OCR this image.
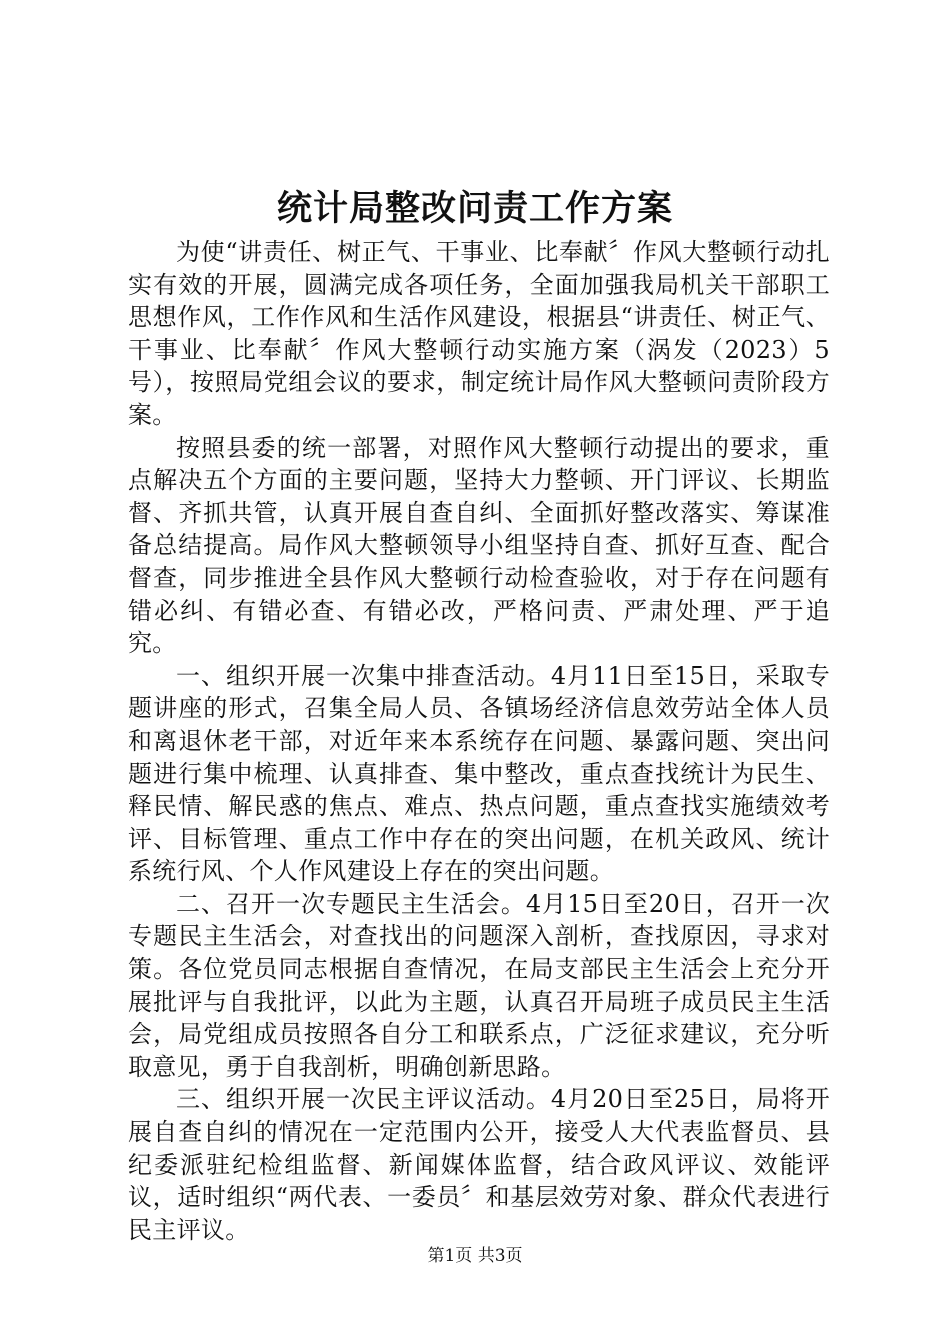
统计局整改问责工作方案

为使“讲责任、树正气、干事业、比奉献〞作风大整顿行动扎实有效的开展，圆满完成各项任务，全面加强我局机关干部职工思想作风，工作作风和生活作风建设，根据县“讲责任、树正气、干事业、比奉献〞作风大整顿行动实施方案（涡发（2023）5号），按照局党组会议的要求，制定统计局作风大整顿问责阶段方案。

按照县委的统一部署，对照作风大整顿行动提出的要求，重点解决五个方面的主要问题，坚持大力整顿、开门评议、长期监督、齐抓共管，认真开展自查自纠、全面抓好整改落实、筹谋准备总结提高。局作风大整顿领导小组坚持自查、抓好互查、配合督查，同步推进全县作风大整顿行动检查验收，对于存在问题有错必纠、有错必查、有错必改，严格问责、严肃处理、严于追究。

一、组织开展一次集中排查活动。4月11日至15日，采取专题讲座的形式，召集全局人员、各镇场经济信息效劳站全体人员和离退休老干部，对近年来本系统存在问题、暴露问题、突出问题进行集中梳理、认真排查、集中整改，重点查找统计为民生、释民情、解民惑的焦点、难点、热点问题，重点查找实施绩效考评、目标管理、重点工作中存在的突出问题，在机关政风、统计系统行风、个人作风建设上存在的突出问题。

二、召开一次专题民主生活会。4月15日至20日，召开一次专题民主生活会，对查找出的问题深入剖析，查找原因，寻求对策。各位党员同志根据自查情况，在局支部民主生活会上充分开展批评与自我批评，以此为主题，认真召开局班子成员民主生活会，局党组成员按照各自分工和联系点，广泛征求建议，充分听取意见，勇于自我剖析，明确创新思路。

三、组织开展一次民主评议活动。4月20日至25日，局将开展自查自纠的情况在一定范围内公开，接受人大代表监督员、县纪委派驻纪检组监督、新闻媒体监督，结合政风评议、效能评议，适时组织“两代表、一委员〞和基层效劳对象、群众代表进行民主评议。

第1页 共3页
